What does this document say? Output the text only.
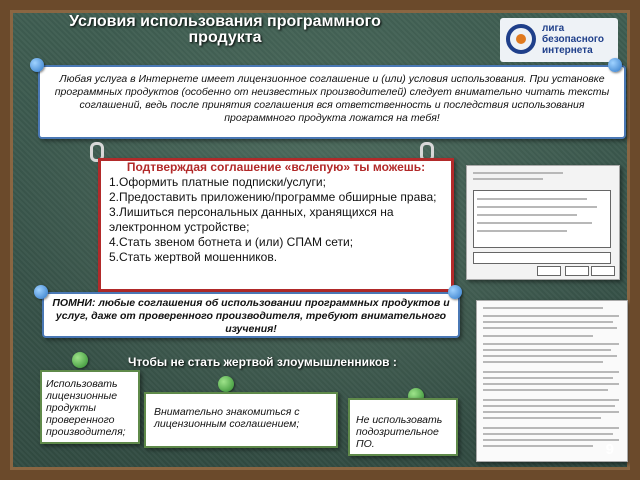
Условия использования программного продукта
лига
безопасного
интернета

Любая услуга в Интернете имеет лицензионное соглашение и (или) условия использования. При установке программных продуктов (особенно от неизвестных производителей) следует внимательно читать тексты соглашений, ведь после принятия соглашения вся ответственность и последствия использования программного продукта ложатся на тебя!

Подтверждая соглашение «вслепую» ты можешь:
1.Оформить платные подписки/услуги;
2.Предоставить приложению/программе обширные права;
3.Лишиться персональных данных, хранящихся на электронном устройстве;
4.Стать звеном ботнета и (или) СПАМ сети;
5.Стать жертвой мошенников.

ПОМНИ: любые соглашения об использовании программных продуктов и услуг, даже от проверенного производителя, требуют внимательного изучения!

Чтобы не стать жертвой злоумышленников :
Использовать лицензионные продукты проверенного производителя;
Внимательно знакомиться с лицензионным соглашением;	Не использовать подозрительное ПО.	9
